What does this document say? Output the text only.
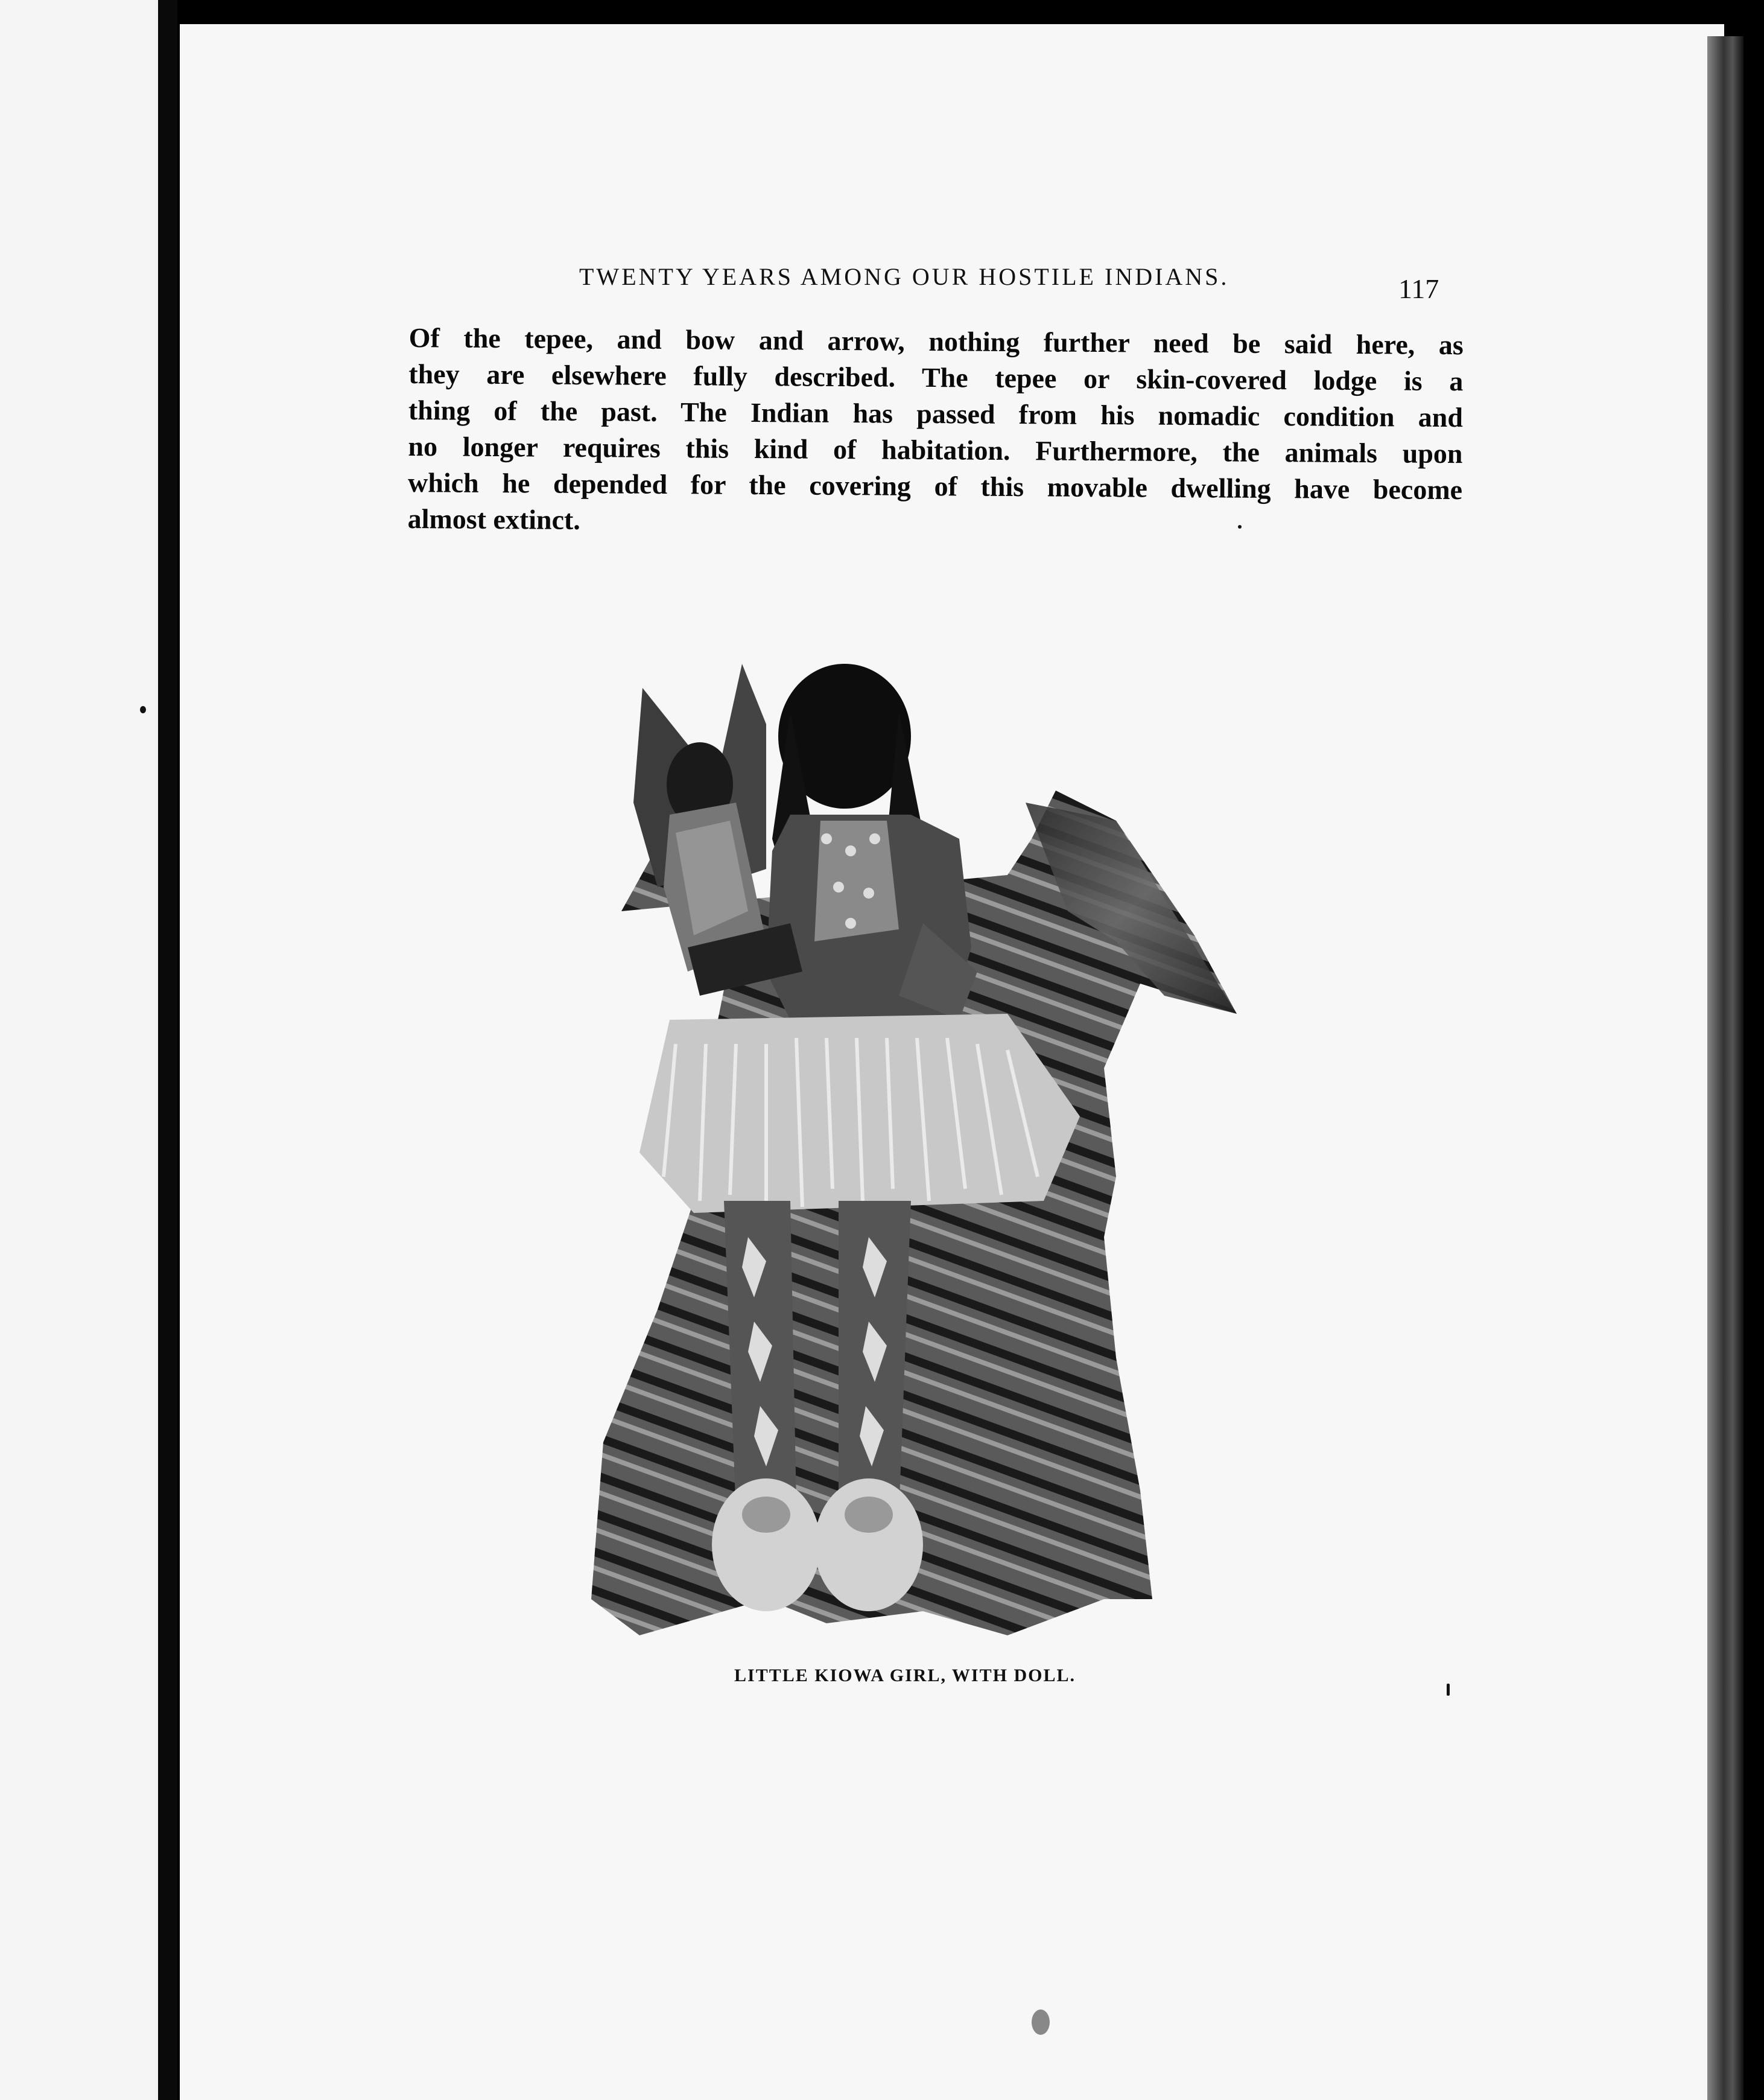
TWENTY YEARS AMONG OUR HOSTILE INDIANS.	117
Of the tepee, and bow and arrow, nothing further need be said here, as
they are elsewhere fully described. The tepee or skin-covered lodge is a
thing of the past. The Indian has passed from his nomadic condition and
no longer requires this kind of habitation. Furthermore, the animals upon
which he depended for the covering of this movable dwelling have become
almost extinct.
LITTLE KIOWA GIRL, WITH DOLL.
